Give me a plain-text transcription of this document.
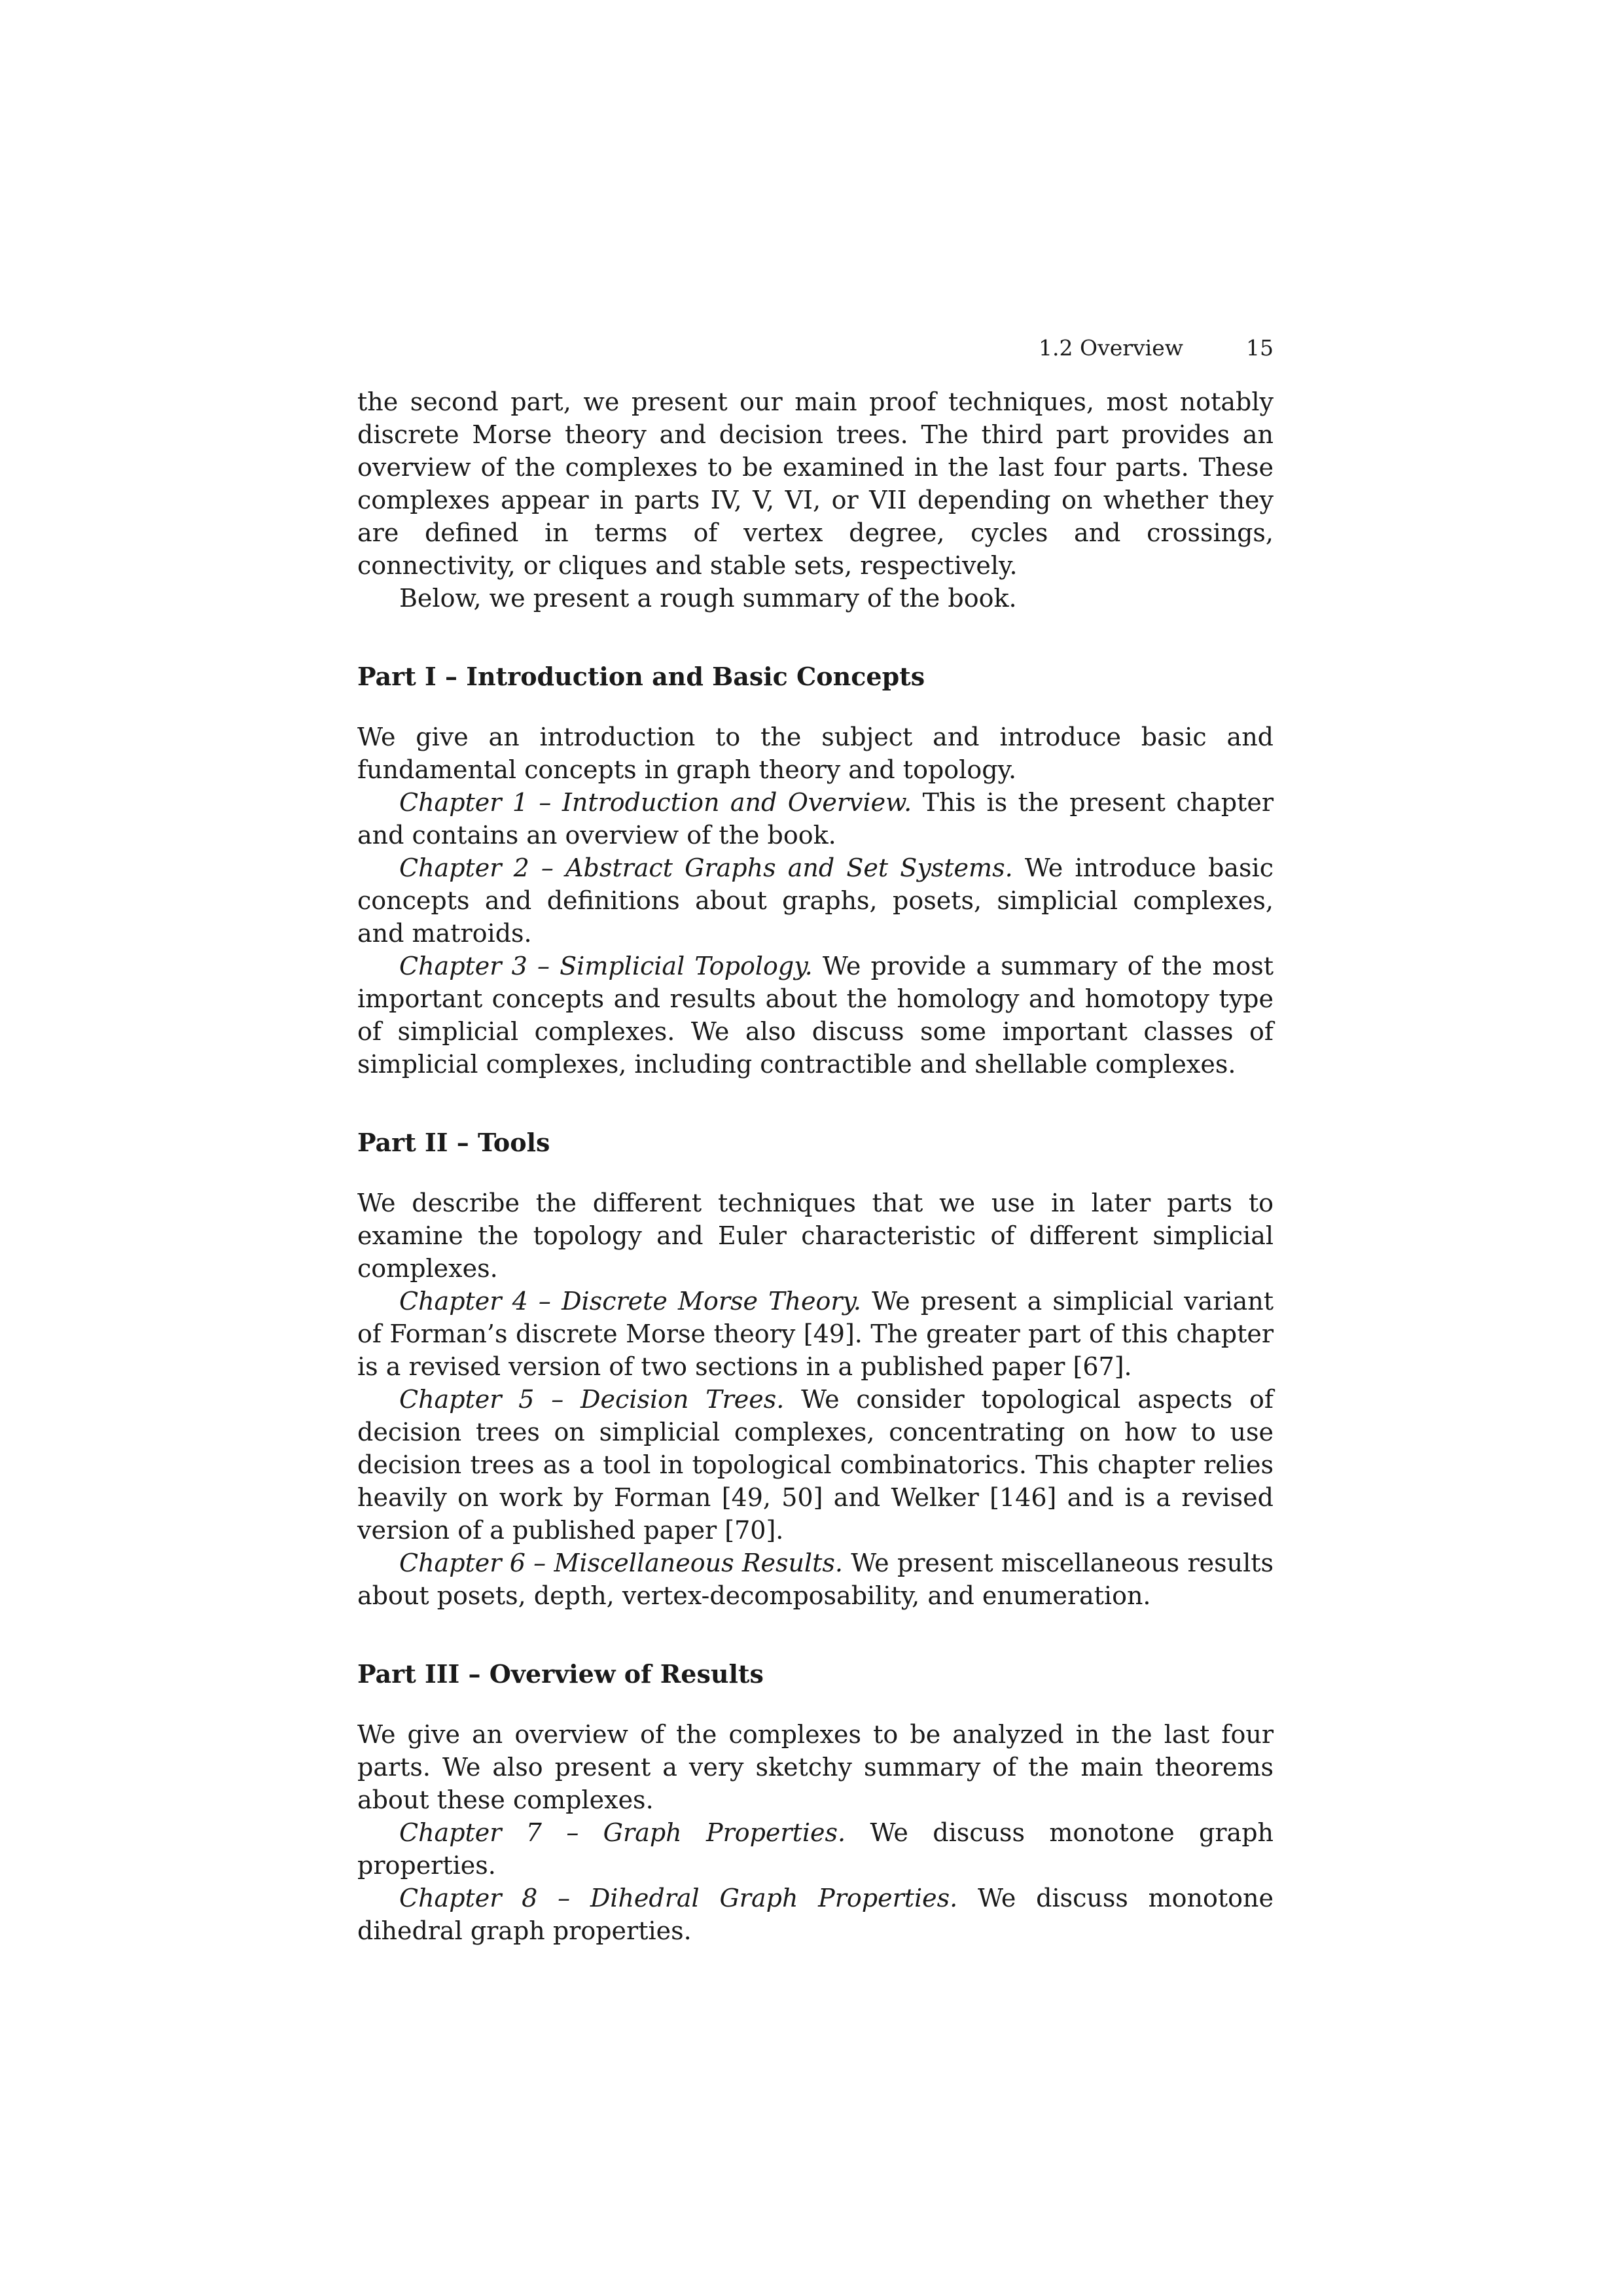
1.2 Overview	15

the second part, we present our main proof techniques, most notably discrete Morse theory and decision trees. The third part provides an overview of the complexes to be examined in the last four parts. These complexes appear in parts IV, V, VI, or VII depending on whether they are defined in terms of vertex degree, cycles and crossings, connectivity, or cliques and stable sets, respectively.

Below, we present a rough summary of the book.

Part I – Introduction and Basic Concepts

We give an introduction to the subject and introduce basic and fundamental concepts in graph theory and topology.

Chapter 1 – Introduction and Overview. This is the present chapter and contains an overview of the book.

Chapter 2 – Abstract Graphs and Set Systems. We introduce basic concepts and definitions about graphs, posets, simplicial complexes, and matroids.

Chapter 3 – Simplicial Topology. We provide a summary of the most important concepts and results about the homology and homotopy type of simplicial complexes. We also discuss some important classes of simplicial complexes, including contractible and shellable complexes.

Part II – Tools

We describe the different techniques that we use in later parts to examine the topology and Euler characteristic of different simplicial complexes.

Chapter 4 – Discrete Morse Theory. We present a simplicial variant of Forman’s discrete Morse theory [49]. The greater part of this chapter is a revised version of two sections in a published paper [67].

Chapter 5 – Decision Trees. We consider topological aspects of decision trees on simplicial complexes, concentrating on how to use decision trees as a tool in topological combinatorics. This chapter relies heavily on work by Forman [49, 50] and Welker [146] and is a revised version of a published paper [70].

Chapter 6 – Miscellaneous Results. We present miscellaneous results about posets, depth, vertex-decomposability, and enumeration.

Part III – Overview of Results

We give an overview of the complexes to be analyzed in the last four parts. We also present a very sketchy summary of the main theorems about these complexes.

Chapter 7 – Graph Properties. We discuss monotone graph properties.

Chapter 8 – Dihedral Graph Properties. We discuss monotone dihedral graph properties.
